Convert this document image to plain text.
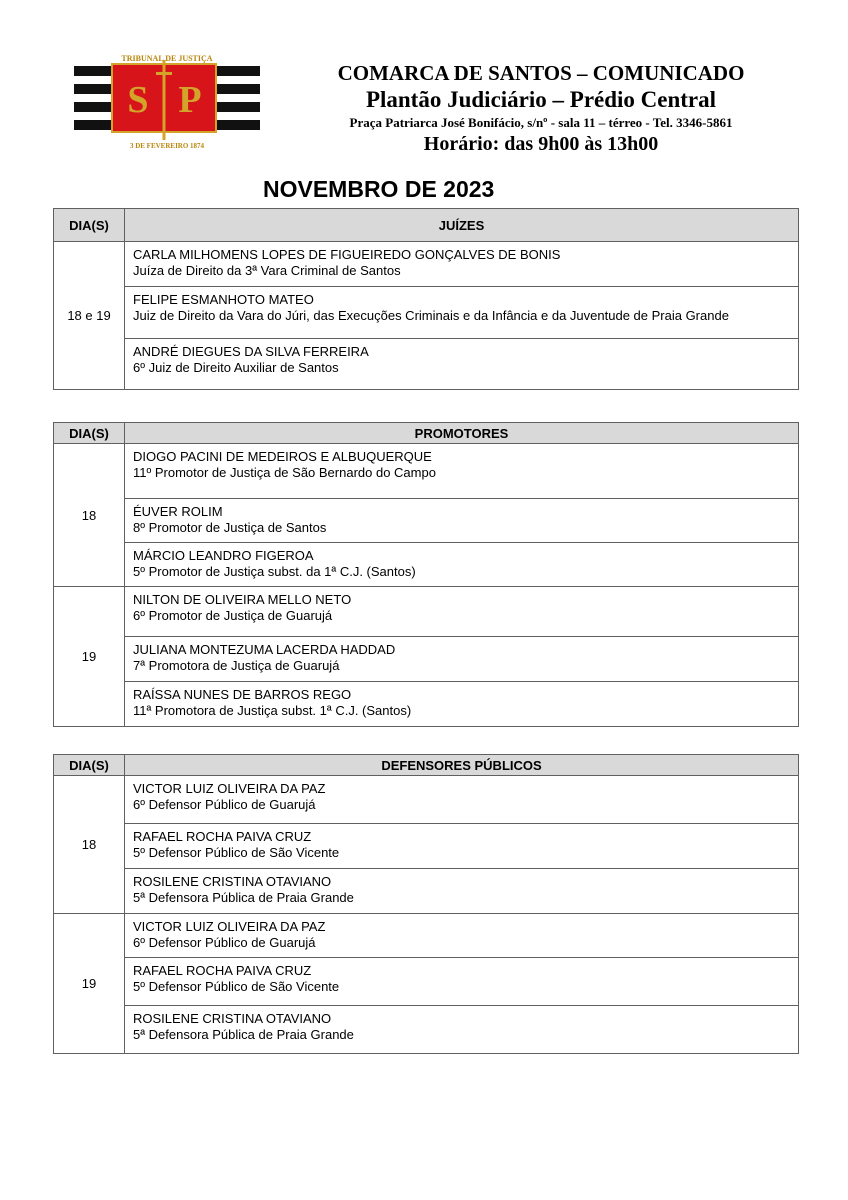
S P
TRIBUNAL DE JUSTIÇA
3 DE FEVEREIRO 1874
COMARCA DE SANTOS – COMUNICADO
Plantão Judiciário – Prédio Central
Praça Patriarca José Bonifácio, s/nº - sala 11 – térreo - Tel. 3346-5861
Horário: das 9h00 às 13h00
NOVEMBRO DE 2023
DIA(S)	JUÍZES
18 e 19	CARLA MILHOMENS LOPES DE FIGUEIREDO GONÇALVES DE BONIS
Juíza de Direito da 3ª Vara Criminal de Santos

	FELIPE ESMANHOTO MATEO
Juiz de Direito da Vara do Júri, das Execuções Criminais e da Infância e da Juventude de Praia Grande

	ANDRÉ DIEGUES DA SILVA FERREIRA
6º Juiz de Direito Auxiliar de Santos
DIA(S)	PROMOTORES
18	DIOGO PACINI DE MEDEIROS E ALBUQUERQUE
11º Promotor de Justiça de São Bernardo do Campo

	ÉUVER ROLIM
8º Promotor de Justiça de Santos

	MÁRCIO LEANDRO FIGEROA
5º Promotor de Justiça subst. da 1ª C.J. (Santos)

19	NILTON DE OLIVEIRA MELLO NETO
6º Promotor de Justiça de Guarujá

	JULIANA MONTEZUMA LACERDA HADDAD
7ª Promotora de Justiça de Guarujá

	RAÍSSA NUNES DE BARROS REGO
11ª Promotora de Justiça subst. 1ª C.J. (Santos)
DIA(S)	DEFENSORES PÚBLICOS
18	VICTOR LUIZ OLIVEIRA DA PAZ
6º Defensor Público de Guarujá

	RAFAEL ROCHA PAIVA CRUZ
5º Defensor Público de São Vicente

	ROSILENE CRISTINA OTAVIANO
5ª Defensora Pública de Praia Grande

19	VICTOR LUIZ OLIVEIRA DA PAZ
6º Defensor Público de Guarujá

	RAFAEL ROCHA PAIVA CRUZ
5º Defensor Público de São Vicente

	ROSILENE CRISTINA OTAVIANO
5ª Defensora Pública de Praia Grande
